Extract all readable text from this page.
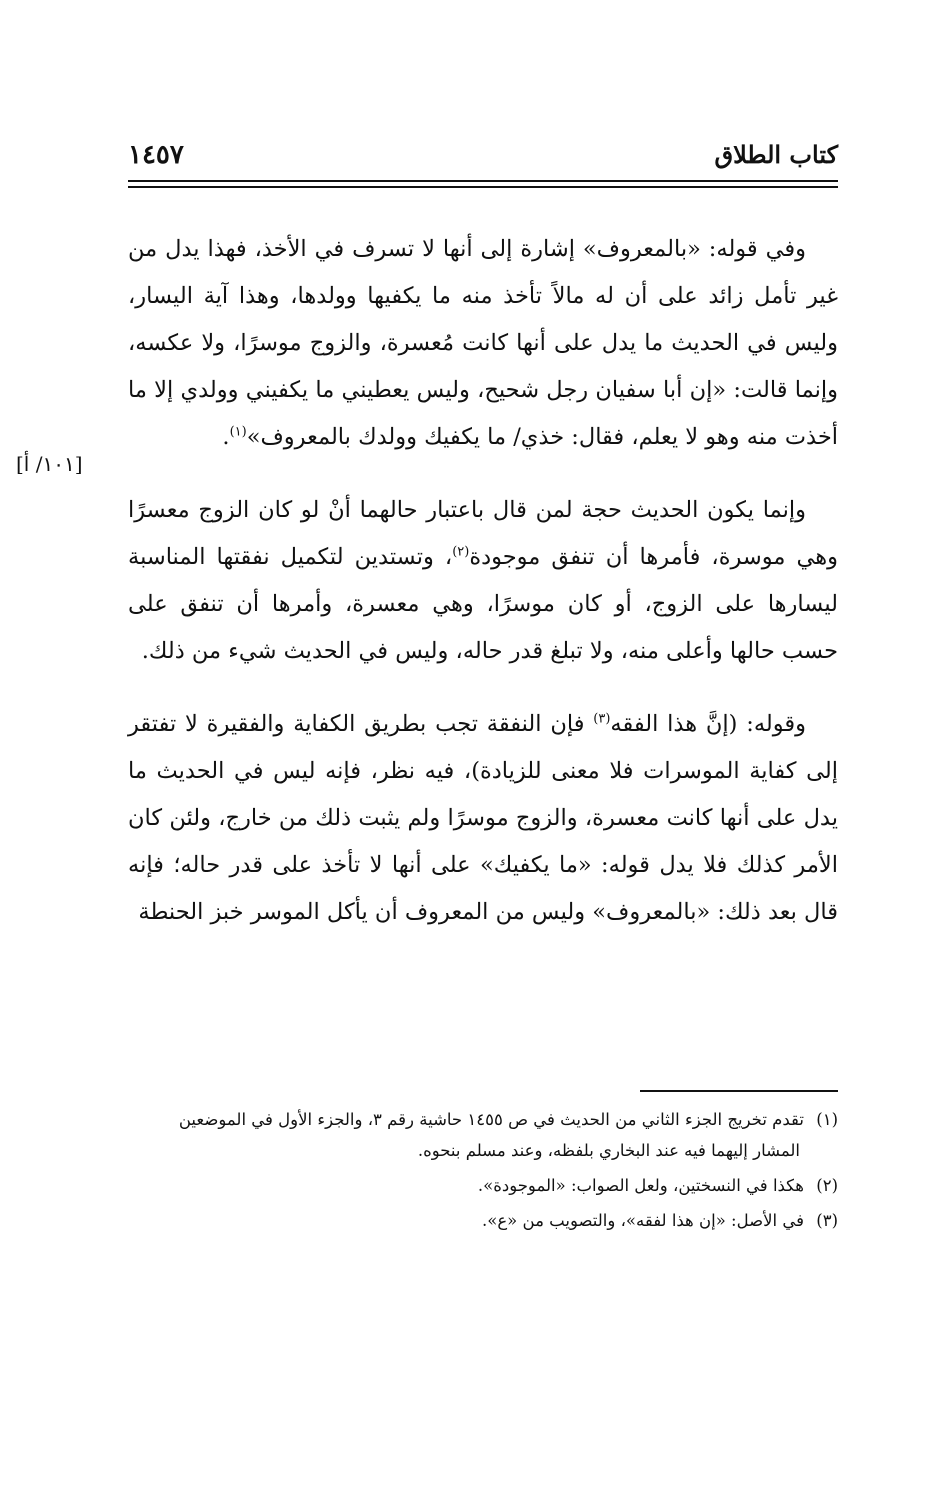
كتاب الطلاق
١٤٥٧
[١٠١/ أ]

وفي قوله: «بالمعروف» إشارة إلى أنها لا تسرف في الأخذ، فهذا يدل من غير تأمل زائد على أن له مالاً تأخذ منه ما يكفيها وولدها، وهذا آية اليسار، وليس في الحديث ما يدل على أنها كانت مُعسرة، والزوج موسرًا، ولا عكسه، وإنما قالت: «إن أبا سفيان رجل شحيح، وليس يعطيني ما يكفيني وولدي إلا ما أخذت منه وهو لا يعلم، فقال: خذي/ ما يكفيك وولدك بالمعروف»$^{(١)}$.

وإنما يكون الحديث حجة لمن قال باعتبار حالهما أنْ لو كان الزوج معسرًا وهي موسرة، فأمرها أن تنفق موجودة$^{(٢)}$، وتستدين لتكميل نفقتها المناسبة ليسارها على الزوج، أو كان موسرًا، وهي معسرة، وأمرها أن تنفق على حسب حالها وأعلى منه، ولا تبلغ قدر حاله، وليس في الحديث شيء من ذلك.

وقوله: (إنَّ هذا الفقه$^{(٣)}$ فإن النفقة تجب بطريق الكفاية والفقيرة لا تفتقر إلى كفاية الموسرات فلا معنى للزيادة)، فيه نظر، فإنه ليس في الحديث ما يدل على أنها كانت معسرة، والزوج موسرًا ولم يثبت ذلك من خارج، ولئن كان الأمر كذلك فلا يدل قوله: «ما يكفيك» على أنها لا تأخذ على قدر حاله؛ فإنه قال بعد ذلك: «بالمعروف» وليس من المعروف أن يأكل الموسر خبز الحنطة

(١)تقدم تخريج الجزء الثاني من الحديث في ص ١٤٥٥ حاشية رقم ٣، والجزء الأول في الموضعين المشار إليهما فيه عند البخاري بلفظه، وعند مسلم بنحوه.
(٢)هكذا في النسختين، ولعل الصواب: «الموجودة».
(٣)في الأصل: «إن هذا لفقه»، والتصويب من «ع».
